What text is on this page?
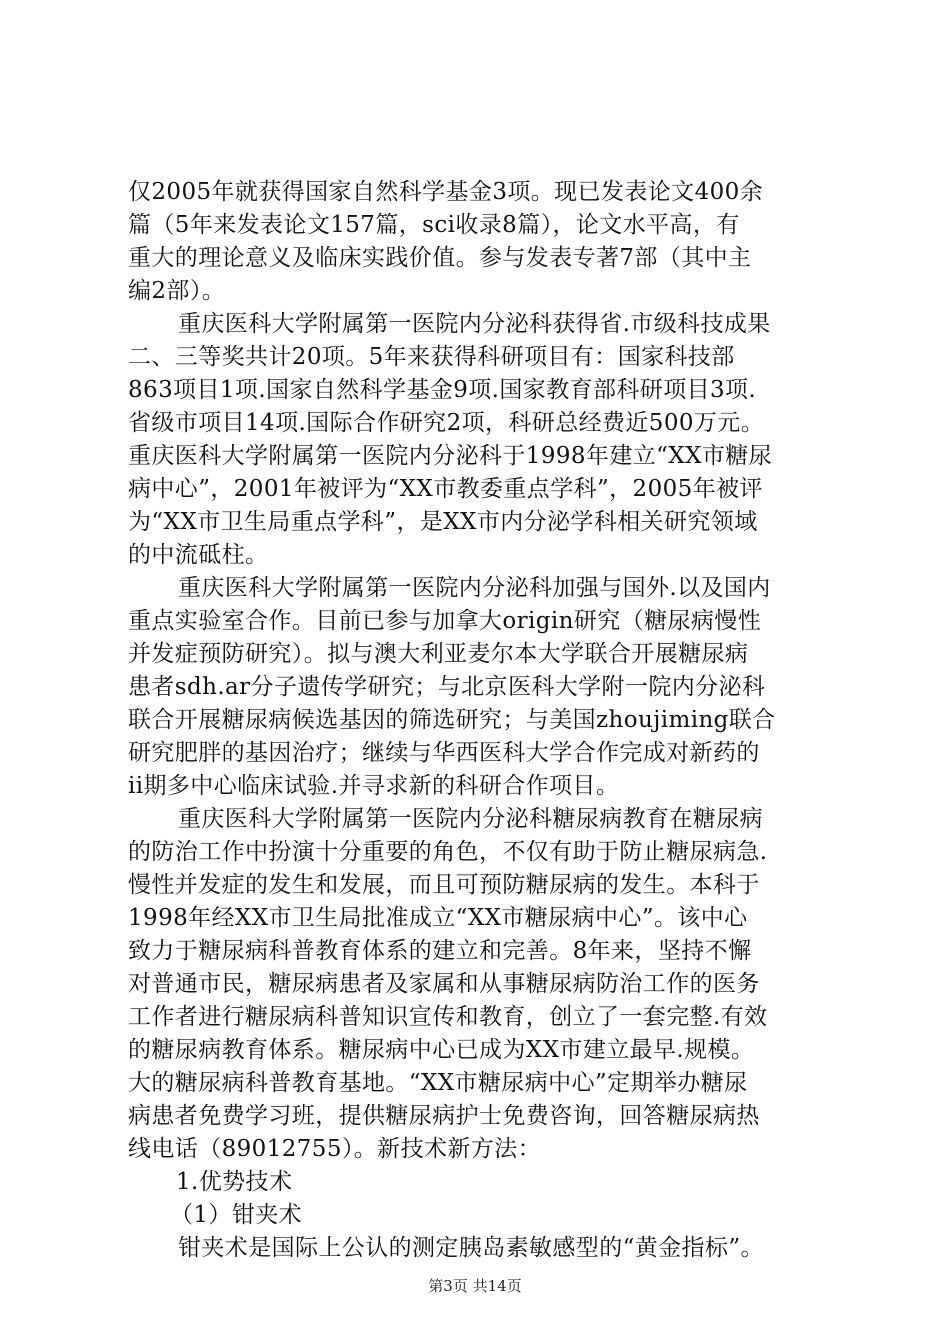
仅2005年就获得国家自然科学基金3项。现已发表论文400余
篇（5年来发表论文157篇，sci收录8篇），论文水平高，有
重大的理论意义及临床实践价值。参与发表专著7部（其中主
编2部）。
重庆医科大学附属第一医院内分泌科获得省.市级科技成果
二、三等奖共计20项。5年来获得科研项目有：国家科技部
863项目1项.国家自然科学基金9项.国家教育部科研项目3项.
省级市项目14项.国际合作研究2项，科研总经费近500万元。
重庆医科大学附属第一医院内分泌科于1998年建立“XX市糖尿
病中心”，2001年被评为“XX市教委重点学科”，2005年被评
为“XX市卫生局重点学科”，是XX市内分泌学科相关研究领域
的中流砥柱。
重庆医科大学附属第一医院内分泌科加强与国外.以及国内
重点实验室合作。目前已参与加拿大origin研究（糖尿病慢性
并发症预防研究）。拟与澳大利亚麦尔本大学联合开展糖尿病
患者sdh.ar分子遗传学研究；与北京医科大学附一院内分泌科
联合开展糖尿病候选基因的筛选研究；与美国zhoujiming联合
研究肥胖的基因治疗；继续与华西医科大学合作完成对新药的
ii期多中心临床试验.并寻求新的科研合作项目。
重庆医科大学附属第一医院内分泌科糖尿病教育在糖尿病
的防治工作中扮演十分重要的角色，不仅有助于防止糖尿病急.
慢性并发症的发生和发展，而且可预防糖尿病的发生。本科于
1998年经XX市卫生局批准成立“XX市糖尿病中心”。该中心
致力于糖尿病科普教育体系的建立和完善。8年来，坚持不懈
对普通市民，糖尿病患者及家属和从事糖尿病防治工作的医务
工作者进行糖尿病科普知识宣传和教育，创立了一套完整.有效
的糖尿病教育体系。糖尿病中心已成为XX市建立最早.规模。
大的糖尿病科普教育基地。“XX市糖尿病中心”定期举办糖尿
病患者免费学习班，提供糖尿病护士免费咨询，回答糖尿病热
线电话（89012755）。新技术新方法：
1.优势技术
（1）钳夹术
钳夹术是国际上公认的测定胰岛素敏感型的“黄金指标”。
第3页 共14页
